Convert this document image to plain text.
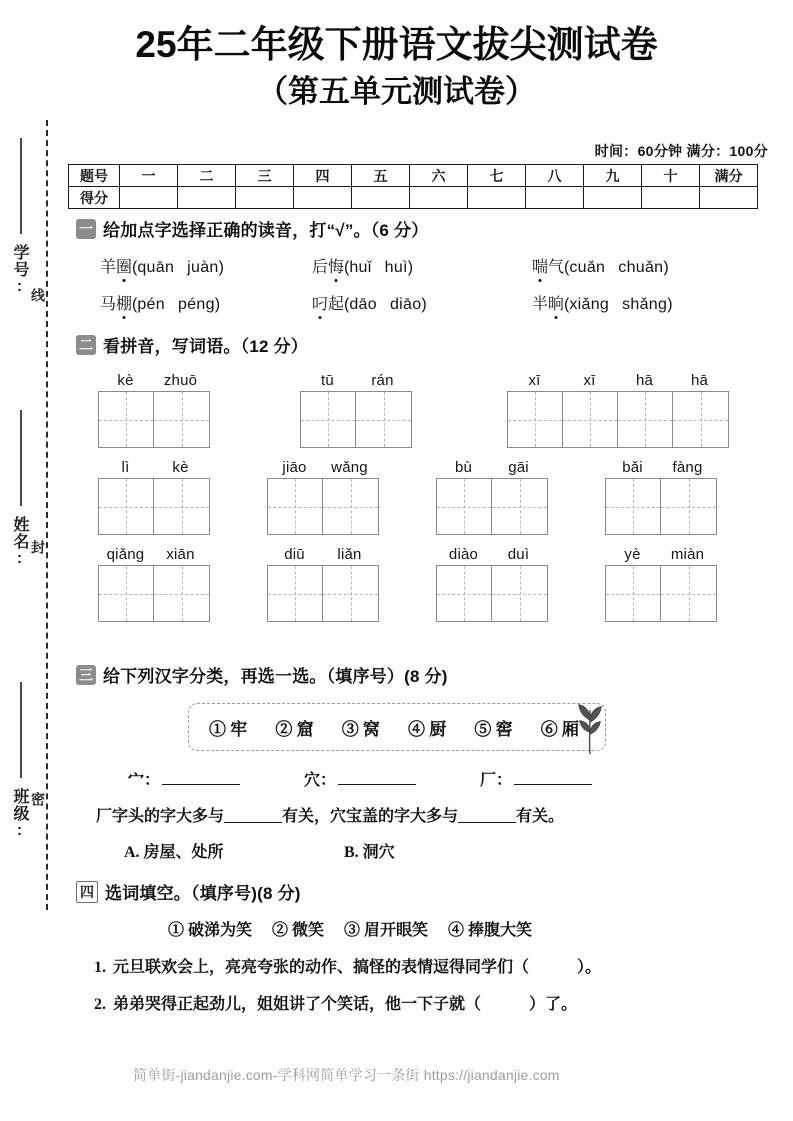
25年二年级下册语文拔尖测试卷
（第五单元测试卷）
学号:
姓名:
班级:
线
封
密
时间：60分钟 满分：100分
题号	一	二	三	四	五	六	七	八	九	十	满分
得分											
一 给加点字选择正确的读音，打“√”。（6 分）
羊圈(quān juàn)	后悔(huǐ huì)	喘气(cuǎn chuǎn)
马棚(pén péng)	叼起(dāo diāo)	半晌(xiǎng shǎng)
二 看拼音，写词语。（12 分）
kè	zhuō	tū	rán	xī	xī	hā	hā
lì	kè	jiāo	wǎng	bù	gāi	bǎi	fàng
qiǎng	xiān	diū	liǎn	diào	duì	yè	miàn
三 给下列汉字分类，再选一选。（填序号）(8 分)
① 牢 ② 窟 ③ 窝 ④ 厨 ⑤ 窖 ⑥ 厢
宀：	穴：	厂：
厂字头的字大多与	有关，穴宝盖的字大多与	有关。
A. 房屋、处所	B. 洞穴
四 选词填空。（填序号)(8 分)
① 破涕为笑 ② 微笑 ③ 眉开眼笑 ④ 捧腹大笑
1. 元旦联欢会上，亮亮夸张的动作、搞怪的表情逗得同学们（	）。
2. 弟弟哭得正起劲儿，姐姐讲了个笑话，他一下子就（	）了。
简单街-jiandanjie.com-学科网简单学习一条街 https://jiandanjie.com
